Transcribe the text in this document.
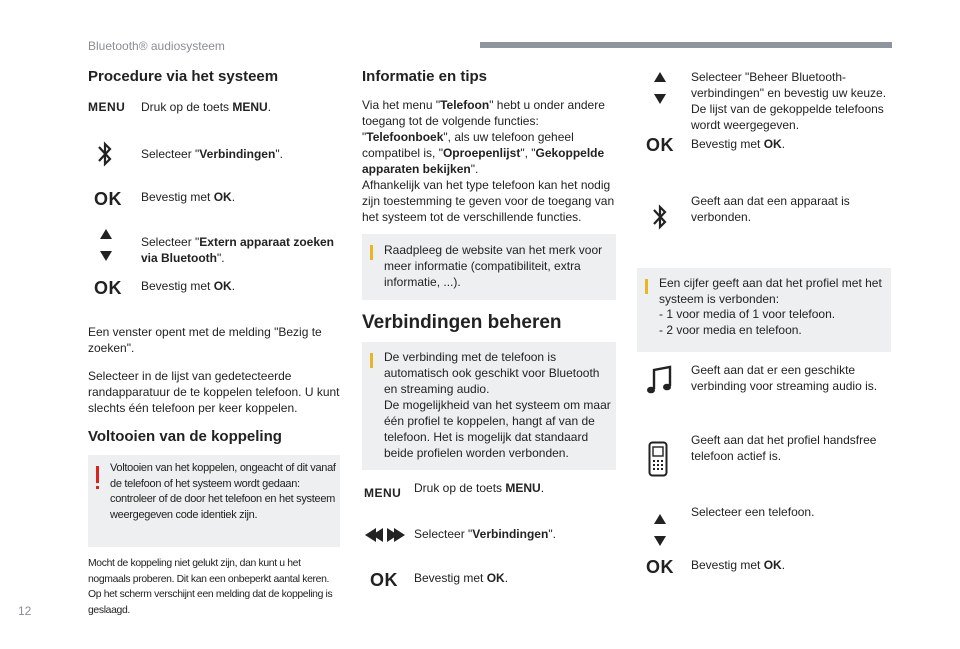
Bluetooth® audiosysteem
Procedure via het systeem
MENU Druk op de toets MENU.
Selecteer "Verbindingen".
OK Bevestig met OK.
Selecteer "Extern apparaat zoeken via Bluetooth".
OK Bevestig met OK.
Een venster opent met de melding "Bezig te zoeken".
Selecteer in de lijst van gedetecteerde randapparatuur de te koppelen telefoon. U kunt slechts één telefoon per keer koppelen.
Voltooien van de koppeling
Voltooien van het koppelen, ongeacht of dit vanaf de telefoon of het systeem wordt gedaan: controleer of de door het telefoon en het systeem weergegeven code identiek zijn.
Mocht de koppeling niet gelukt zijn, dan kunt u het nogmaals proberen. Dit kan een onbeperkt aantal keren. Op het scherm verschijnt een melding dat de koppeling is geslaagd.
Informatie en tips
Via het menu "Telefoon" hebt u onder andere toegang tot de volgende functies: "Telefoonboek", als uw telefoon geheel compatibel is, "Oproepenlijst", "Gekoppelde apparaten bekijken".
Afhankelijk van het type telefoon kan het nodig zijn toestemming te geven voor de toegang van het systeem tot de verschillende functies.
Raadpleeg de website van het merk voor meer informatie (compatibiliteit, extra informatie, ...).
Verbindingen beheren
De verbinding met de telefoon is automatisch ook geschikt voor Bluetooth en streaming audio.
De mogelijkheid van het systeem om maar één profiel te koppelen, hangt af van de telefoon. Het is mogelijk dat standaard beide profielen worden verbonden.
MENU Druk op de toets MENU.
Selecteer "Verbindingen".
OK Bevestig met OK.
Selecteer "Beheer Bluetooth-verbindingen" en bevestig uw keuze. De lijst van de gekoppelde telefoons wordt weergegeven.
OK Bevestig met OK.
Geeft aan dat een apparaat is verbonden.
Een cijfer geeft aan dat het profiel met het systeem is verbonden:
- 1 voor media of 1 voor telefoon.
- 2 voor media en telefoon.
Geeft aan dat er een geschikte verbinding voor streaming audio is.
Geeft aan dat het profiel handsfree telefoon actief is.
Selecteer een telefoon.
OK Bevestig met OK.
12
